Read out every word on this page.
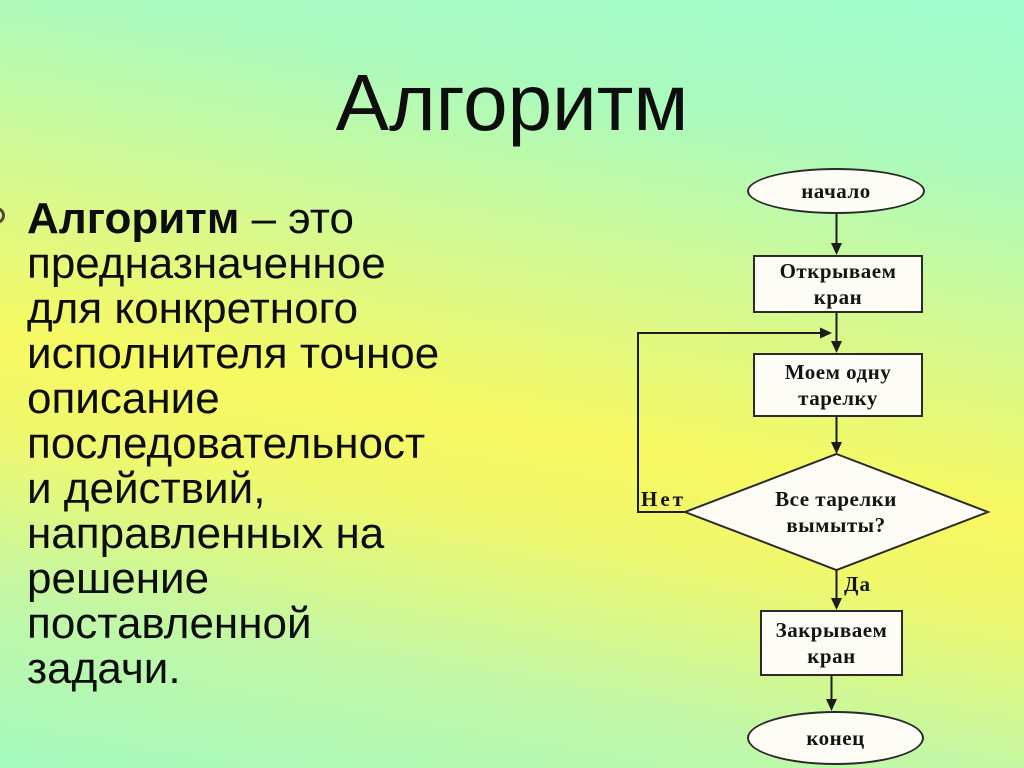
Алгоритм
Алгоритм – это
предназначенное
для конкретного
исполнителя точное
описание
последовательност
и действий,
направленных на
решение
поставленной
задачи.
начало
Открываем
кран
Моем одну
тарелку
Все тарелки
вымыты?
Нет
Да
Закрываем
кран
конец
